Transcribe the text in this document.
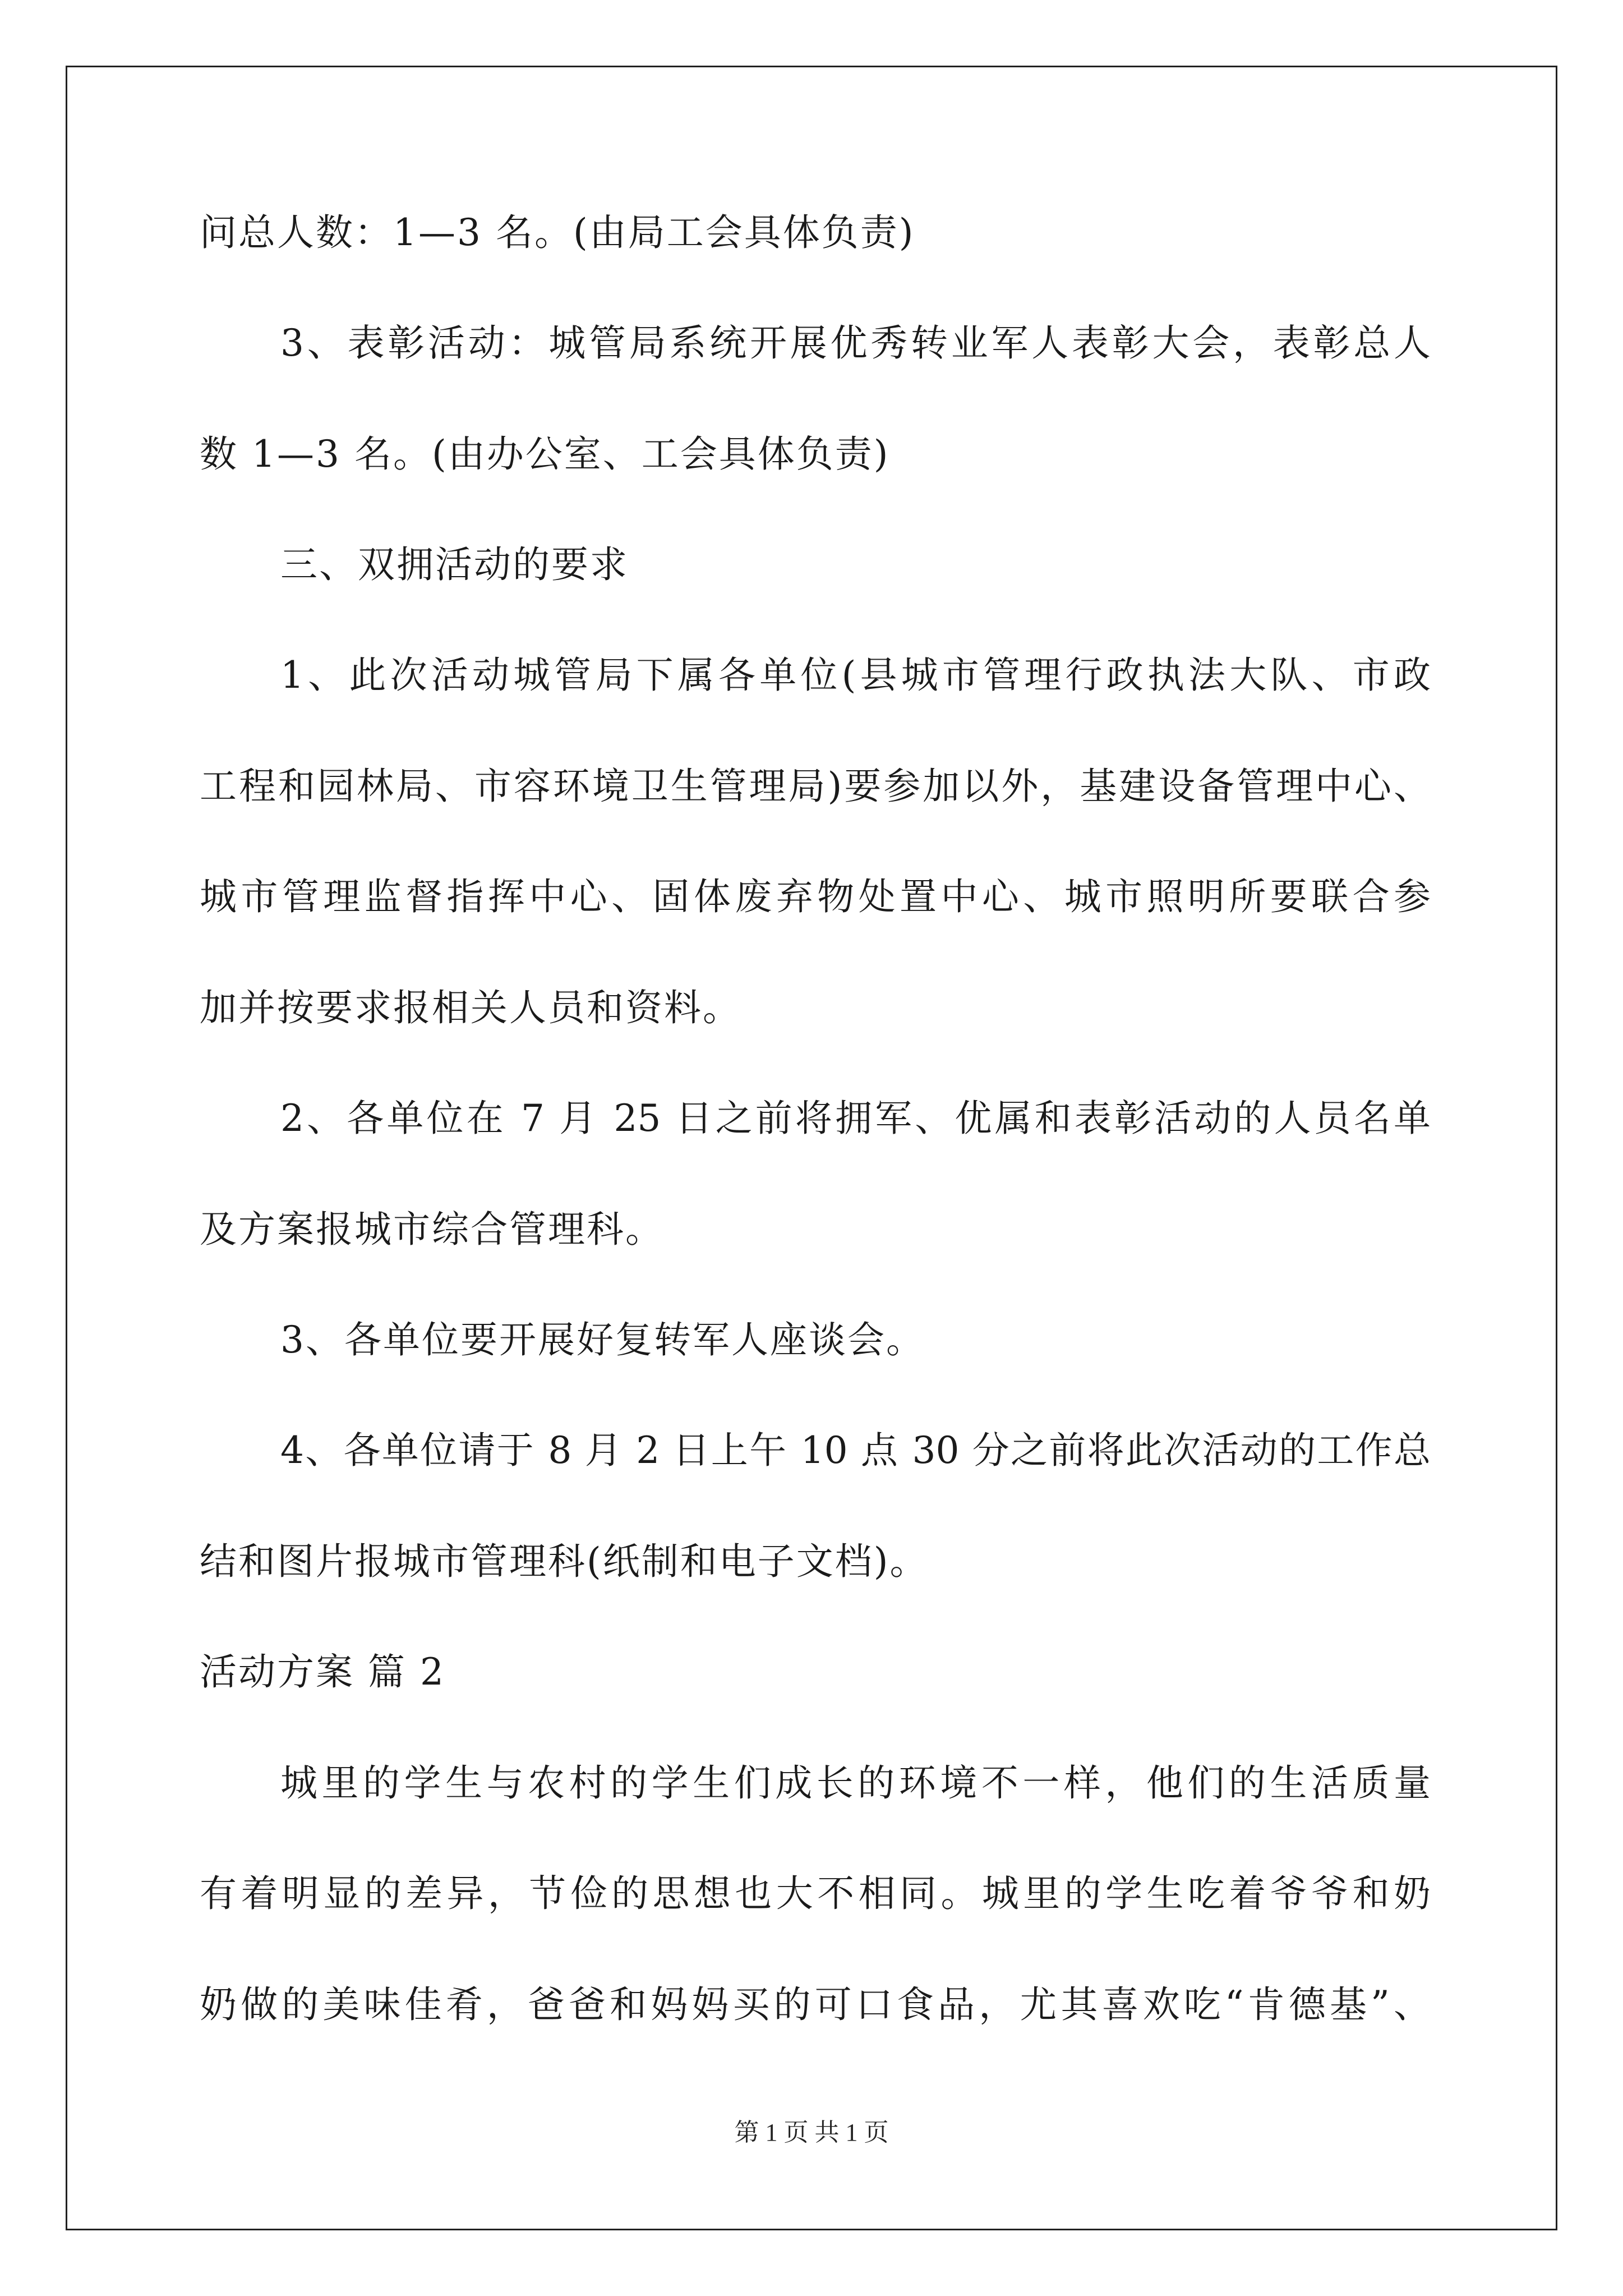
问总人数：1—3 名。(由局工会具体负责)
3、表彰活动：城管局系统开展优秀转业军人表彰大会，表彰总人
数 1—3 名。(由办公室、工会具体负责)
三、双拥活动的要求
1、此次活动城管局下属各单位(县城市管理行政执法大队、市政
工程和园林局、市容环境卫生管理局)要参加以外，基建设备管理中心、
城市管理监督指挥中心、固体废弃物处置中心、城市照明所要联合参
加并按要求报相关人员和资料。
2、各单位在 7 月 25 日之前将拥军、优属和表彰活动的人员名单
及方案报城市综合管理科。
3、各单位要开展好复转军人座谈会。
4、各单位请于 8 月 2 日上午 10 点 30 分之前将此次活动的工作总
结和图片报城市管理科(纸制和电子文档)。
活动方案 篇 2
城里的学生与农村的学生们成长的环境不一样，他们的生活质量
有着明显的差异，节俭的思想也大不相同。城里的学生吃着爷爷和奶
奶做的美味佳肴，爸爸和妈妈买的可口食品，尤其喜欢吃“肯德基”、
第 1 页 共 1 页
